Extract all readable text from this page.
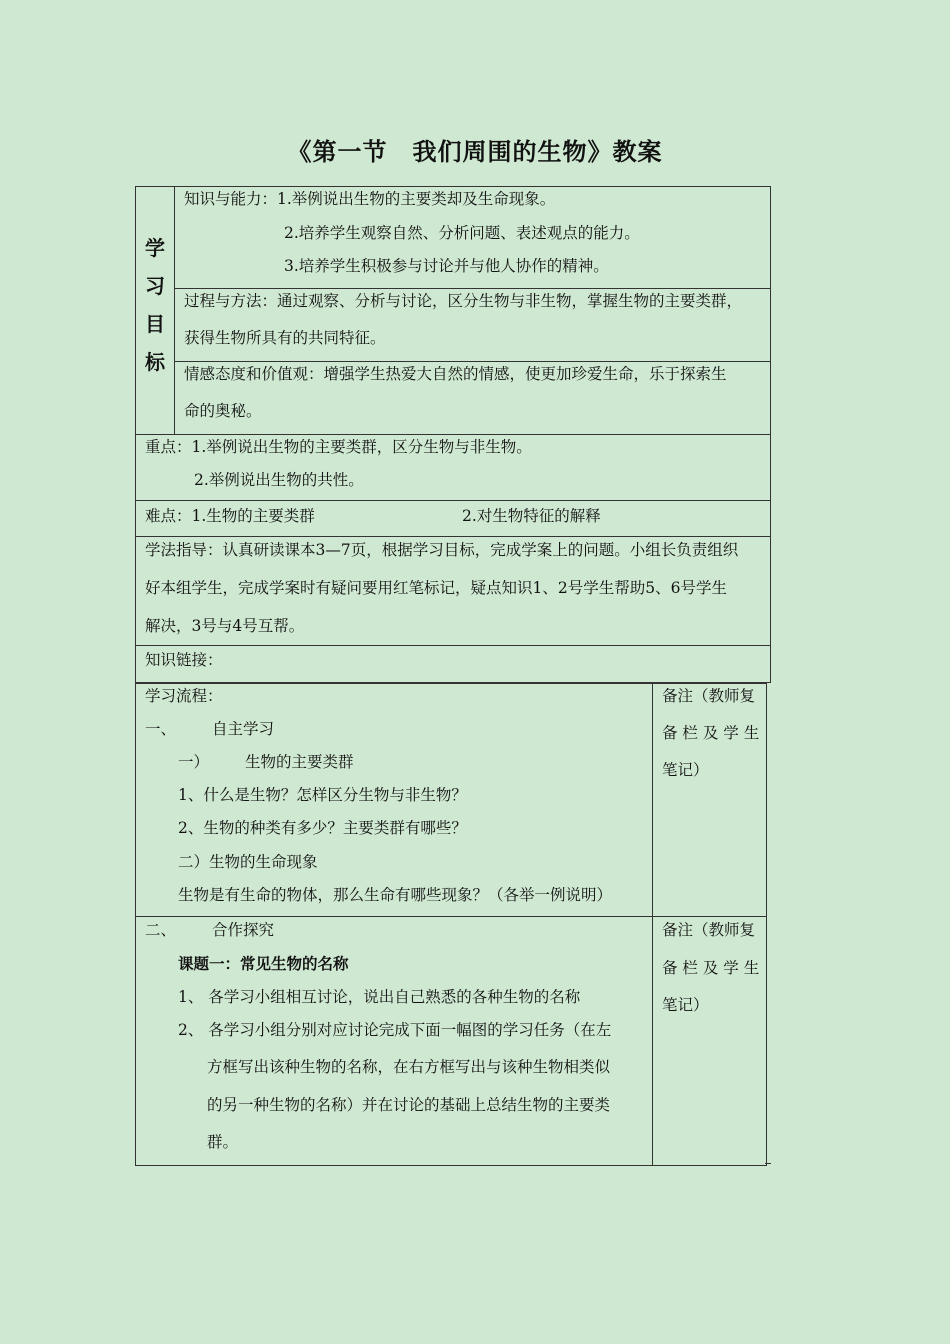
《第一节　我们周围的生物》教案
学
习
目
标
知识与能力：1.举例说出生物的主要类却及生命现象。
2.培养学生观察自然、分析问题、表述观点的能力。
3.培养学生积极参与讨论并与他人协作的精神。
过程与方法：通过观察、分析与讨论，区分生物与非生物，掌握生物的主要类群，
获得生物所具有的共同特征。
情感态度和价值观：增强学生热爱大自然的情感，使更加珍爱生命，乐于探索生
命的奥秘。
重点：1.举例说出生物的主要类群，区分生物与非生物。
2.举例说出生物的共性。
难点：1.生物的主要类群	2.对生物特征的解释
学法指导：认真研读课本3—7页，根据学习目标，完成学案上的问题。小组长负责组织
好本组学生，完成学案时有疑问要用红笔标记，疑点知识1、2号学生帮助5、6号学生
解决，3号与4号互帮。
知识链接：
学习流程：
一、 自主学习
一） 生物的主要类群
1、什么是生物？怎样区分生物与非生物？
2、生物的种类有多少？主要类群有哪些？
二）生物的生命现象
生物是有生命的物体，那么生命有哪些现象？（各举一例说明）
备注（教师复
备 栏 及 学 生
笔记）
二、 合作探究
课题一：常见生物的名称
1、 各学习小组相互讨论，说出自己熟悉的各种生物的名称
2、 各学习小组分别对应讨论完成下面一幅图的学习任务（在左
方框写出该种生物的名称，在右方框写出与该种生物相类似
的另一种生物的名称）并在讨论的基础上总结生物的主要类
群。
备注（教师复
备 栏 及 学 生
笔记）
